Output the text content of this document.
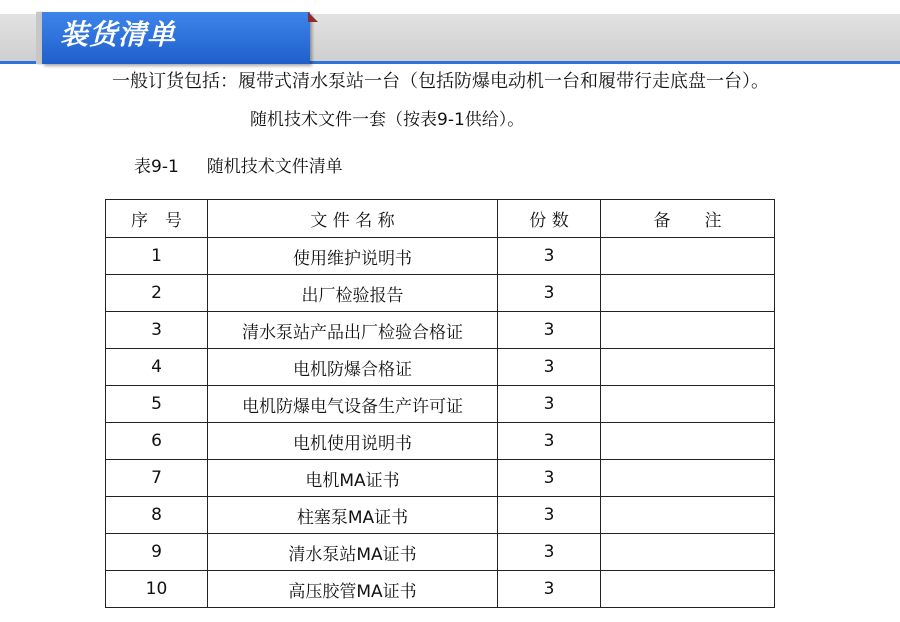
装货清单
一般订货包括：履带式清水泵站一台（包括防爆电动机一台和履带行走底盘一台）。
随机技术文件一套（按表9-1供给）。
表9-1 随机技术文件清单
序　号	文 件 名 称	份 数	备　　注
1	使用维护说明书	3	
2	出厂检验报告	3	
3	清水泵站产品出厂检验合格证	3	
4	电机防爆合格证	3	
5	电机防爆电气设备生产许可证	3	
6	电机使用说明书	3	
7	电机MA证书	3	
8	柱塞泵MA证书	3	
9	清水泵站MA证书	3	
10	高压胶管MA证书	3	
